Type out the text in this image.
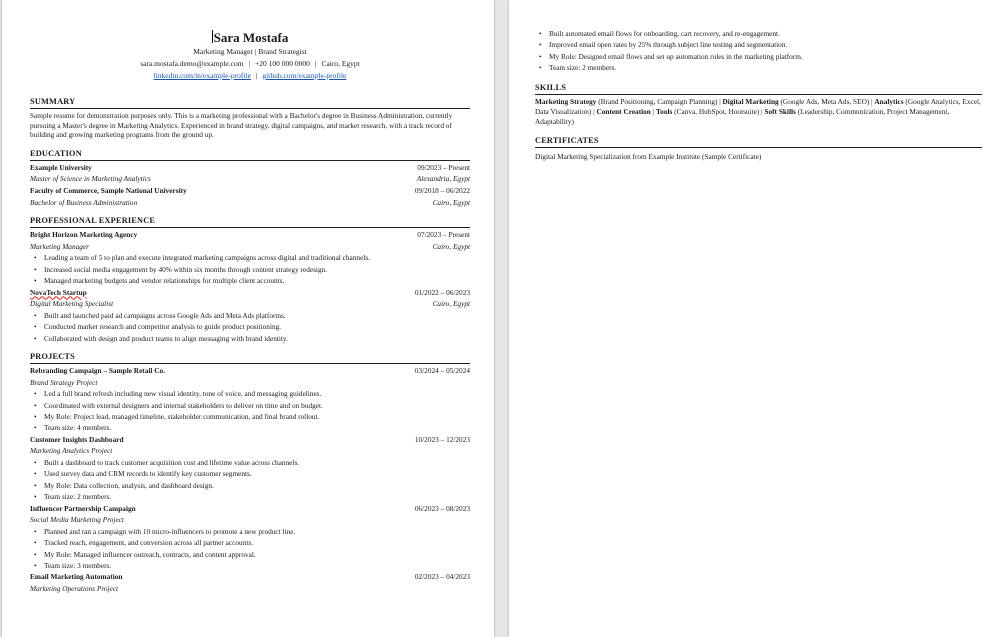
Sara Mostafa
Marketing Manager | Brand Strategist
sara.mostafa.demo@example.com | +20 100 000 0000 | Cairo, Egypt
linkedin.com/in/example-profile | github.com/example-profile
SUMMARY
Sample resume for demonstration purposes only. This is a marketing professional with a Bachelor's degree in Business Administration, currently pursuing a Master's degree in Marketing Analytics. Experienced in brand strategy, digital campaigns, and market research, with a track record of building and growing marketing programs from the ground up.
EDUCATION
Example University	09/2023 – Present
Master of Science in Marketing Analytics	Alexandria, Egypt
Faculty of Commerce, Sample National University	09/2018 – 06/2022
Bachelor of Business Administration	Cairo, Egypt
PROFESSIONAL EXPERIENCE
Bright Horizon Marketing Agency	07/2023 – Present
Marketing Manager	Cairo, Egypt
• Leading a team of 5 to plan and execute integrated marketing campaigns across digital and traditional channels.
• Increased social media engagement by 40% within six months through content strategy redesign.
• Managed marketing budgets and vendor relationships for multiple client accounts.
NovaTech Startup	01/2022 – 06/2023
Digital Marketing Specialist	Cairo, Egypt
• Built and launched paid ad campaigns across Google Ads and Meta Ads platforms.
• Conducted market research and competitor analysis to guide product positioning.
• Collaborated with design and product teams to align messaging with brand identity.
PROJECTS
Rebranding Campaign – Sample Retail Co.	03/2024 – 05/2024
Brand Strategy Project
• Led a full brand refresh including new visual identity, tone of voice, and messaging guidelines.
• Coordinated with external designers and internal stakeholders to deliver on time and on budget.
• My Role: Project lead, managed timeline, stakeholder communication, and final brand rollout.
• Team size: 4 members.
Customer Insights Dashboard	10/2023 – 12/2023
Marketing Analytics Project
• Built a dashboard to track customer acquisition cost and lifetime value across channels.
• Used survey data and CRM records to identify key customer segments.
• My Role: Data collection, analysis, and dashboard design.
• Team size: 2 members.
Influencer Partnership Campaign	06/2023 – 08/2023
Social Media Marketing Project
• Planned and ran a campaign with 10 micro-influencers to promote a new product line.
• Tracked reach, engagement, and conversion across all partner accounts.
• My Role: Managed influencer outreach, contracts, and content approval.
• Team size: 3 members.
Email Marketing Automation	02/2023 – 04/2023
Marketing Operations Project
• Built automated email flows for onboarding, cart recovery, and re-engagement.
• Improved email open rates by 25% through subject line testing and segmentation.
• My Role: Designed email flows and set up automation rules in the marketing platform.
• Team size: 2 members.
SKILLS
Marketing Strategy (Brand Positioning, Campaign Planning) | Digital Marketing (Google Ads, Meta Ads, SEO) | Analytics (Google Analytics, Excel, Data Visualization) | Content Creation | Tools (Canva, HubSpot, Hootsuite) | Soft Skills (Leadership, Communication, Project Management, Adaptability)
CERTIFICATES
Digital Marketing Specialization from Example Institute (Sample Certificate)
